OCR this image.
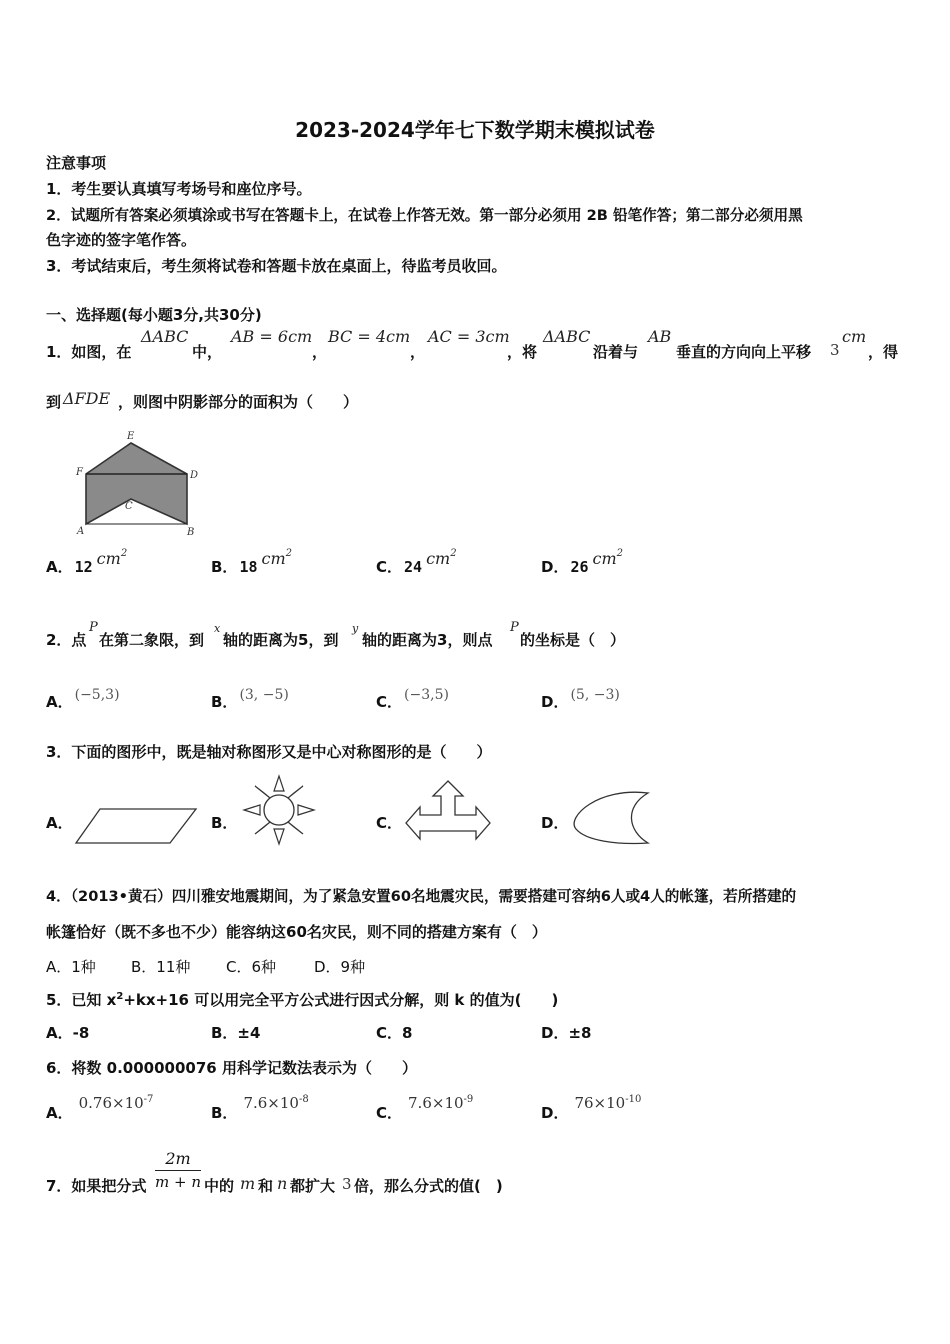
2023-2024学年七下数学期末模拟试卷
注意事项
1．考生要认真填写考场号和座位序号。
2．试题所有答案必须填涂或书写在答题卡上，在试卷上作答无效。第一部分必须用 2B 铅笔作答；第二部分必须用黑
色字迹的签字笔作答。
3．考试结束后，考生须将试卷和答题卡放在桌面上，待监考员收回。
一、选择题(每小题3分,共30分)
1．如图，在
ΔABC
中，
AB = 6cm
，
BC = 4cm
，
AC = 3cm
，将
ΔABC
沿着与
AB
垂直的方向向上平移 3
cm
，得
到 ΔFDE ，则图中阴影部分的面积为（　　）
E
F	D
C
A	B
A． 12 $cm^2$
B． 18 $cm^2$
C． 24 $cm^2$
D． 26 $cm^2$
2．点
P
在第二象限，到
x
轴的距离为5，到
y
轴的距离为3，则点
P
的坐标是（　）
A． (−5,3)	B． (3, −5)	C． (−3,5)	D． (5, −3)
3．下面的图形中，既是轴对称图形又是中心对称图形的是（　　）
A．	B．	C．	D．
4．（2013•黄石）四川雅安地震期间，为了紧急安置60名地震灾民，需要搭建可容纳6人或4人的帐篷，若所搭建的
帐篷恰好（既不多也不少）能容纳这60名灾民，则不同的搭建方案有（　）
A．1种 B．11种 C．6种	D．9种
5．已知 $x^2+kx+16$ 可以用完全平方公式进行因式分解，则 k 的值为(　　)
A．-8	B．±4	C．8	D．±8
6．将数 0.000000076 用科学记数法表示为（　　）
A．$0.76\times 10^{-7}$
B．$7.6\times 10^{-8}$
C．$7.6\times 10^{-9}$
D．$76\times 10^{-10}$
7．如果把分式 $\frac{2m}{m + n}$ 中的 m 和 n 都扩大 3 倍，那么分式的值(　)
